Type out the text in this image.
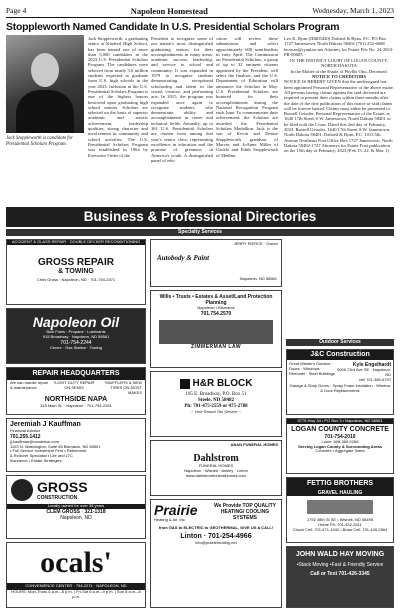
Page 4	Napoleon Homestead	Wednesday, March 1, 2023
Stoppleworth Named Candidate In U.S. Presidential Scholars Program
Jack Stoppleworth is candidate for Presidential Scholars Program.
Jack Stoppleworth, a graduating senior at Kindred High School, has been named one of more than 5,000 candidates in the 2023 U.S. Presidential Scholars Program. The candidates were selected from nearly 3.6 million students expected to graduate from U.S. high schools in the year 2023. Inclusion in the U.S. Presidential Scholars Program is one of the highest honors bestowed upon graduating high school seniors. Scholars are selected on the basis of superior academic and artistic achievement, leadership qualities, strong character and involvement in community and school activities. The U.S. Presidential Scholars Program was established in 1964 by Executive Order of the
President to recognize some of our nation's most distinguished graduating seniors for their accomplishments in many areas: academic success, leadership, and service to school and community. It was expanded in 1979 to recognize students demonstrating exceptional scholarship and talent in the visual, creative, and performing arts. In 2015, the program was expanded once again to recognize students who demonstrate ability and accomplishment in career and technical fields. Annually, up to 161 U.S. Presidential Scholars are chosen from among that year's senior class, representing excellence in education and the promise of greatness in America's youth. A distinguished panel of edu-
cators will review these submissions and select approximately 600 semifinalists in early April. The Commission on Presidential Scholars, a group of up to 32 eminent citizens appointed by the President, will select the finalists, and the U.S. Department of Education will announce the Scholars in May. U.S. Presidential Scholars are honored for their accomplishments during the National Recognition Program each June. To commemorate their achievement, the Scholars are awarded the Presidential Scholars Medallion. Jack is the son of Kevin and Denise Stoppleworth, grandson of Marvin and JoAnne Miller of Gackle and Edith Stoppleworth of Medina.
Leo K. Ryan (ID#05420) Dalsted & Ryan, P.C. PO Box 1727 Jamestown, North Dakota 58402 (701) 252-6688 leoryan@ryanlaw.net Attorney for Estate File No. 24-2023-PR-00005
IN THE DISTRICT COURT OF LOGAN COUNTY, NORTH DAKOTA
In the Matter of the Estate of Phyllis Otto, Deceased.
NOTICE TO CREDITORS
NOTICE IS HEREBY GIVEN that the undersigned has been appointed Personal Representative of the above estate. All persons having claims against the said deceased are required to present their claims within three months after the date of the first publication of this notice or said claims will be forever barred. Claims must either be presented to Russell Geissler, Personal Representative of the Estate, at 1640 17th Street S.W. Jamestown, North Dakota 58401 or be filed with the Court. Dated this 2nd day of February, 2023. Russell Geissler, 1640 17th Street S.W. Jamestown, North Dakota 58401. Dalsted & Ryan, P.C. 1013 5th Avenue Northeast Post Office Box 1727 Jamestown, North Dakota 58402-1727 Attorneys for Estate First publication on the 15th day of February, 2023 (Feb 15, 22, & Mar. 1)
Business & Professional Directories
Specialty Services
ACCIDENT & GLASS REPAIR · DOUBLE DECKER RECONDITIONING
GROSS REPAIR
& TOWING
Chris Gross · Napoleon, ND · 701-754-2471
Napoleon Oil
Bulk Fuels · Propane · Lubricants
915 Broadway · Napoleon, ND 58561
701-754-2244
Cenex · Gas Station · Towing
REPAIR HEADQUARTERS
We can handle repair & maintenance
*LIGHT DUTY REPAIR ON SEMIS
*MUFFLERS & NEW TIRES ON MOST MAKES
NORTHSIDE NAPA
315 Main St. · Napoleon · 701-754-2261
Jeremiah J Kauffman
Financial Advisor
701.255.1412
jj.kauffman@ceadvisor.com
1103 N. Washington, Suite #5 Bismarck, ND 58501
• Full Service Investment Firm • Retirement & Rollover Specialist • Life and LTC Insurance • Estate Strategies
GROSS
CONSTRUCTION
Locally owned for over 38 years
CLEM GROSS · 321-1318
Napoleon, ND
ocals'
CONVENIENCE CENTER · 754-2271 · NAPOLEON, ND
HOURS: Mon-Thurs 6 a.m.–8 p.m. | Fri-Sat 6 a.m.–9 p.m. | Sun 8 a.m.–8 p.m.
JERRY PIERCE · Owner
Autobody & Paint
Napoleon, ND 58561
Wills • Trusts • Estates & Asset/Land Protection Planning
Napoleon • Bismarck
701.754.2570
ZIMMERMAN LAW
H&R BLOCK
105 E. Broadway, P.O. Box 51
Steele, ND 58482
Ph: 701-475-2559 or 475-2788
~ Your Round Tax Service ~
ANAN FUNERAL HOMES
Dahlstrom
FUNERAL HOMES
Napoleon · Wishek · Ashley · Linton
www.dahlstromfuneralhomes.com
Prairie
Heating & Air, Inc.
We Provide TOP QUALITY HEATING/ COOLING SYSTEMS
from GAS to ELECTRIC to GEOTHERMAL, GIVE US A CALL!
Linton · 701-254-4966
info@prairieheating.net
Outdoor Services
J&C Construction
Great Western Outdoor · Doors · Windows · Remodel · Steel Buildings
Kyle Engelhardt
9009 73rd Ave SE · Napoleon, ND
cell 701-389-6797
Garage & Shop Doors · Spray Foam Insulation · Window & Door Replacements
5775 Hwy 34 • PO Box 3 • Napoleon, ND 58561
LOGAN COUNTY CONCRETE
701-754-2010
Louie: 608-369-0268
Serving Logan County & Surrounding Areas
Concrete • Aggregate Sales
FETTIG BROTHERS
GRAVEL HAULING
2792 48th St SE • Wishek, ND 58495
Home Ph: 701-452-2811
Chuck Cell: 701-471-1942 • Brian Cell: 701-426-2864
JOHN WALD HAY MOVING
•Stack Moving •Fast & Friendly Service
Call or Text 701-426-3345
